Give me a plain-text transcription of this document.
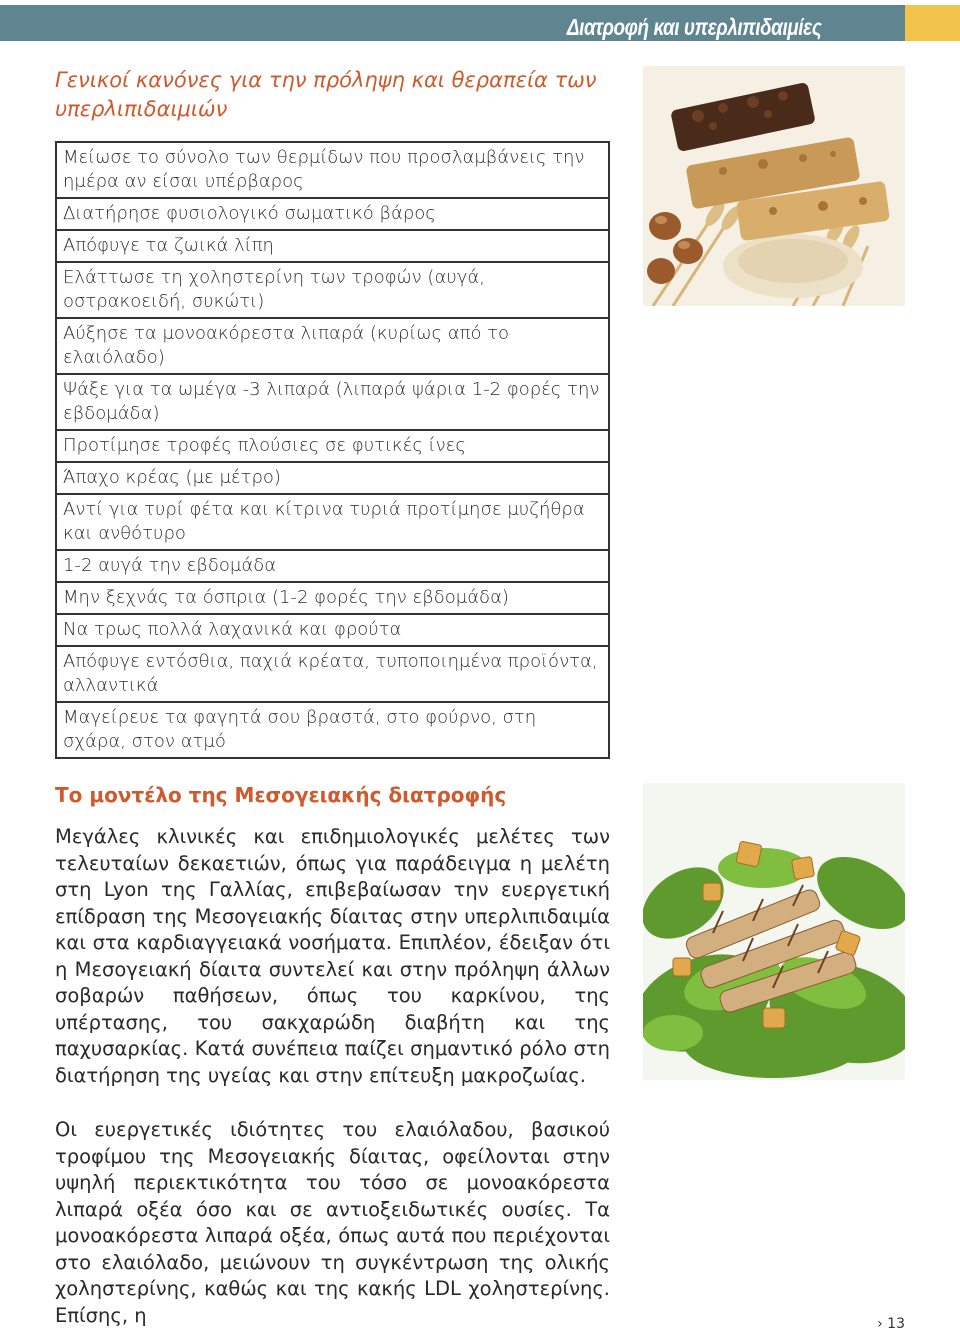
Διατροφή και υπερλιπιδαιμίες
Γενικοί κανόνες για την πρόληψη και θεραπεία των υπερλιπιδαιμιών
Μείωσε το σύνολο των θερμίδων που προσλαμβάνεις την ημέρα αν είσαι υπέρβαρος
Διατήρησε φυσιολογικό σωματικό βάρος
Απόφυγε τα ζωικά λίπη
Ελάττωσε τη χοληστερίνη των τροφών (αυγά, οστρακοειδή, συκώτι)
Αύξησε τα μονοακόρεστα λιπαρά (κυρίως από το ελαιόλαδο)
Ψάξε για τα ωμέγα -3 λιπαρά (λιπαρά ψάρια 1-2 φορές την εβδομάδα)
Προτίμησε τροφές πλούσιες σε φυτικές ίνες
Άπαχο κρέας (με μέτρο)
Αντί για τυρί φέτα και κίτρινα τυριά προτίμησε μυζήθρα και ανθότυρο
1-2 αυγά την εβδομάδα
Μην ξεχνάς τα όσπρια (1-2 φορές την εβδομάδα)
Να τρως πολλά λαχανικά και φρούτα
Απόφυγε εντόσθια, παχιά κρέατα, τυποποιημένα προϊόντα, αλλαντικά
Μαγείρευε τα φαγητά σου βραστά, στο φούρνο, στη σχάρα, στον ατμό
Το μοντέλο της Μεσογειακής διατροφής

Μεγάλες κλινικές και επιδημιολογικές μελέτες των τελευταίων δεκαετιών, όπως για παράδειγμα η μελέτη στη Lyon της Γαλλίας, επιβεβαίωσαν την ευεργετική επίδραση της Μεσογειακής δίαιτας στην υπερλιπιδαιμία και στα καρδιαγγειακά νοσήματα. Επιπλέον, έδειξαν ότι η Μεσογειακή δίαιτα συντελεί και στην πρόληψη άλλων σοβαρών παθήσεων, όπως του καρκίνου, της υπέρτασης, του σακχαρώδη διαβήτη και της παχυσαρκίας. Κατά συνέπεια παίζει σημαντικό ρόλο στη διατήρηση της υγείας και στην επίτευξη μακροζωίας.

Οι ευεργετικές ιδιότητες του ελαιόλαδου, βασικού τροφίμου της Μεσογειακής δίαιτας, οφείλονται στην υψηλή περιεκτικότητα του τόσο σε μονοακόρεστα λιπαρά οξέα όσο και σε αντιοξειδωτικές ουσίες. Τα μονοακόρεστα λιπαρά οξέα, όπως αυτά που περιέχονται στο ελαιόλαδο, μειώνουν τη συγκέντρωση της ολικής χοληστερίνης, καθώς και της κακής LDL χοληστερίνης. Επίσης, η	› 13
